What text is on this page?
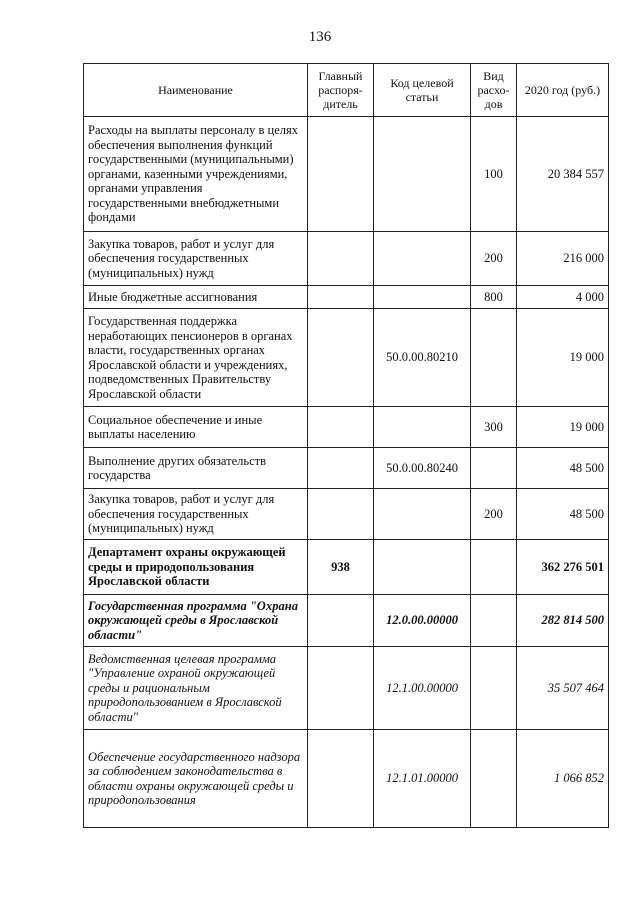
136
Наименование	Главный распоря-дитель	Код целевой статьи	Вид расхо-дов	2020 год (руб.)
Расходы на выплаты персоналу в целях обеспечения выполнения функций государственными (муниципальными) органами, казенными учреждениями, органами управления государственными внебюджетными фондами			100	20 384 557
Закупка товаров, работ и услуг для обеспечения государственных (муниципальных) нужд			200	216 000
Иные бюджетные ассигнования			800	4 000
Государственная поддержка неработающих пенсионеров в органах власти, государственных органах Ярославской области и учреждениях, подведомственных Правительству Ярославской области		50.0.00.80210		19 000
Социальное обеспечение и иные выплаты населению			300	19 000
Выполнение других обязательств государства		50.0.00.80240		48 500
Закупка товаров, работ и услуг для обеспечения государственных (муниципальных) нужд			200	48 500
Департамент охраны окружающей среды и природопользования Ярославской области	938			362 276 501
Государственная программа "Охрана окружающей среды в Ярославской области"		12.0.00.00000		282 814 500
Ведомственная целевая программа "Управление охраной окружающей среды и рациональным природопользованием в Ярославской области"		12.1.00.00000		35 507 464
Обеспечение государственного надзора за соблюдением законодательства в области охраны окружающей среды и природопользования		12.1.01.00000		1 066 852
